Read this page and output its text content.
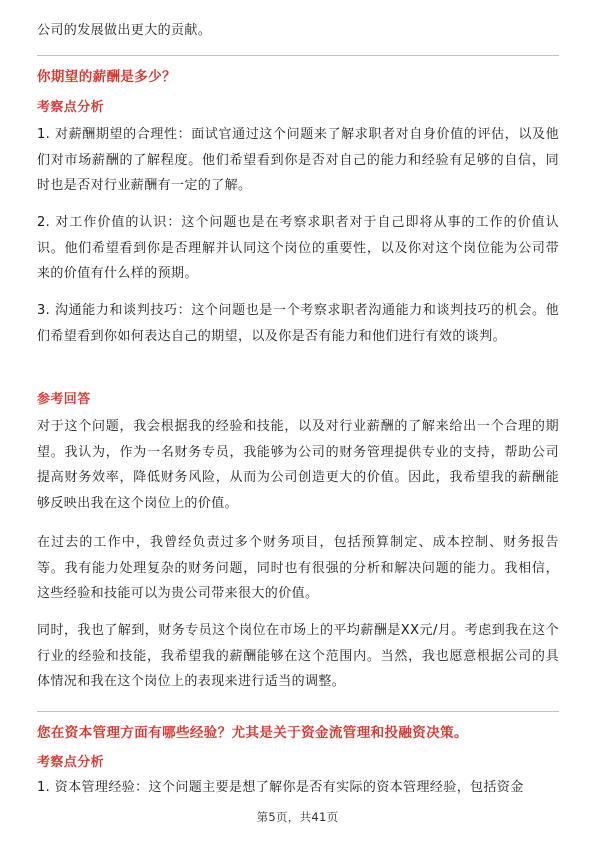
公司的发展做出更大的贡献。

你期望的薪酬是多少？

考察点分析

1. 对薪酬期望的合理性：面试官通过这个问题来了解求职者对自身价值的评估，以及他们对市场薪酬的了解程度。他们希望看到你是否对自己的能力和经验有足够的自信，同时也是否对行业薪酬有一定的了解。

2. 对工作价值的认识：这个问题也是在考察求职者对于自己即将从事的工作的价值认识。他们希望看到你是否理解并认同这个岗位的重要性，以及你对这个岗位能为公司带来的价值有什么样的预期。

3. 沟通能力和谈判技巧：这个问题也是一个考察求职者沟通能力和谈判技巧的机会。他们希望看到你如何表达自己的期望，以及你是否有能力和他们进行有效的谈判。

参考回答

对于这个问题，我会根据我的经验和技能，以及对行业薪酬的了解来给出一个合理的期望。我认为，作为一名财务专员，我能够为公司的财务管理提供专业的支持，帮助公司提高财务效率，降低财务风险，从而为公司创造更大的价值。因此，我希望我的薪酬能够反映出我在这个岗位上的价值。

在过去的工作中，我曾经负责过多个财务项目，包括预算制定、成本控制、财务报告等。我有能力处理复杂的财务问题，同时也有很强的分析和解决问题的能力。我相信，这些经验和技能可以为贵公司带来很大的价值。

同时，我也了解到，财务专员这个岗位在市场上的平均薪酬是XX元/月。考虑到我在这个行业的经验和技能，我希望我的薪酬能够在这个范围内。当然，我也愿意根据公司的具体情况和我在这个岗位上的表现来进行适当的调整。

您在资本管理方面有哪些经验？尤其是关于资金流管理和投融资决策。

考察点分析

1. 资本管理经验：这个问题主要是想了解你是否有实际的资本管理经验，包括资金

第5页，共41页
